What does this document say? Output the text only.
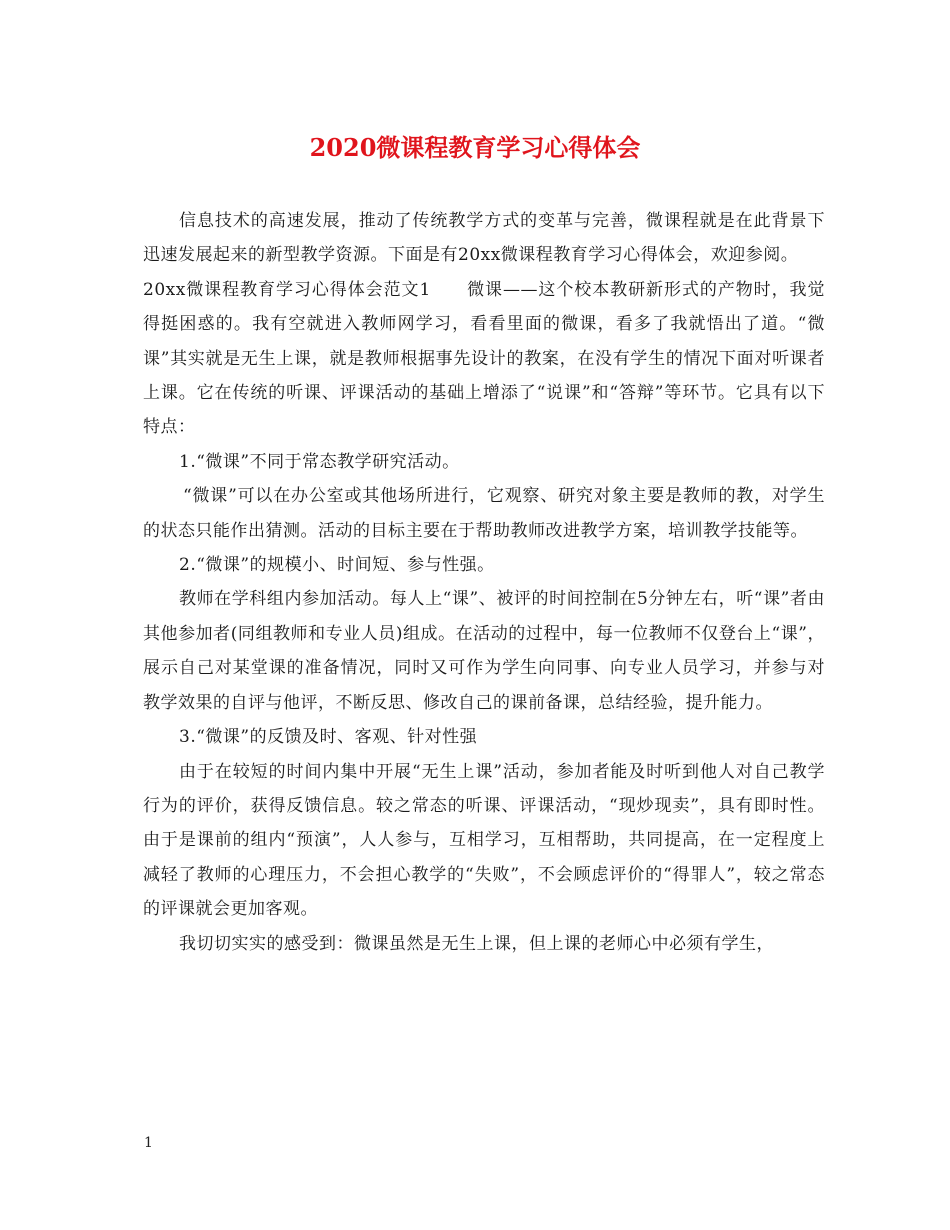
2020微课程教育学习心得体会

信息技术的高速发展，推动了传统教学方式的变革与完善，微课程就是在此背景下迅速发展起来的新型教学资源。下面是有20xx微课程教育学习心得体会，欢迎参阅。

20xx微课程教育学习心得体会范文1　　微课——这个校本教研新形式的产物时，我觉得挺困惑的。我有空就进入教师网学习，看看里面的微课，看多了我就悟出了道。“微课”其实就是无生上课，就是教师根据事先设计的教案，在没有学生的情况下面对听课者上课。它在传统的听课、评课活动的基础上增添了“说课”和“答辩”等环节。它具有以下特点：

1.“微课”不同于常态教学研究活动。

“微课”可以在办公室或其他场所进行，它观察、研究对象主要是教师的教，对学生的状态只能作出猜测。活动的目标主要在于帮助教师改进教学方案，培训教学技能等。

2.“微课”的规模小、时间短、参与性强。

教师在学科组内参加活动。每人上“课”、被评的时间控制在5分钟左右，听“课”者由其他参加者(同组教师和专业人员)组成。在活动的过程中，每一位教师不仅登台上“课”，展示自己对某堂课的准备情况，同时又可作为学生向同事、向专业人员学习，并参与对教学效果的自评与他评，不断反思、修改自己的课前备课，总结经验，提升能力。

3.“微课”的反馈及时、客观、针对性强

由于在较短的时间内集中开展“无生上课”活动，参加者能及时听到他人对自己教学行为的评价，获得反馈信息。较之常态的听课、评课活动，“现炒现卖”，具有即时性。由于是课前的组内“预演”，人人参与，互相学习，互相帮助，共同提高，在一定程度上减轻了教师的心理压力，不会担心教学的“失败”，不会顾虑评价的“得罪人”，较之常态的评课就会更加客观。

我切切实实的感受到：微课虽然是无生上课，但上课的老师心中必须有学生，

1
